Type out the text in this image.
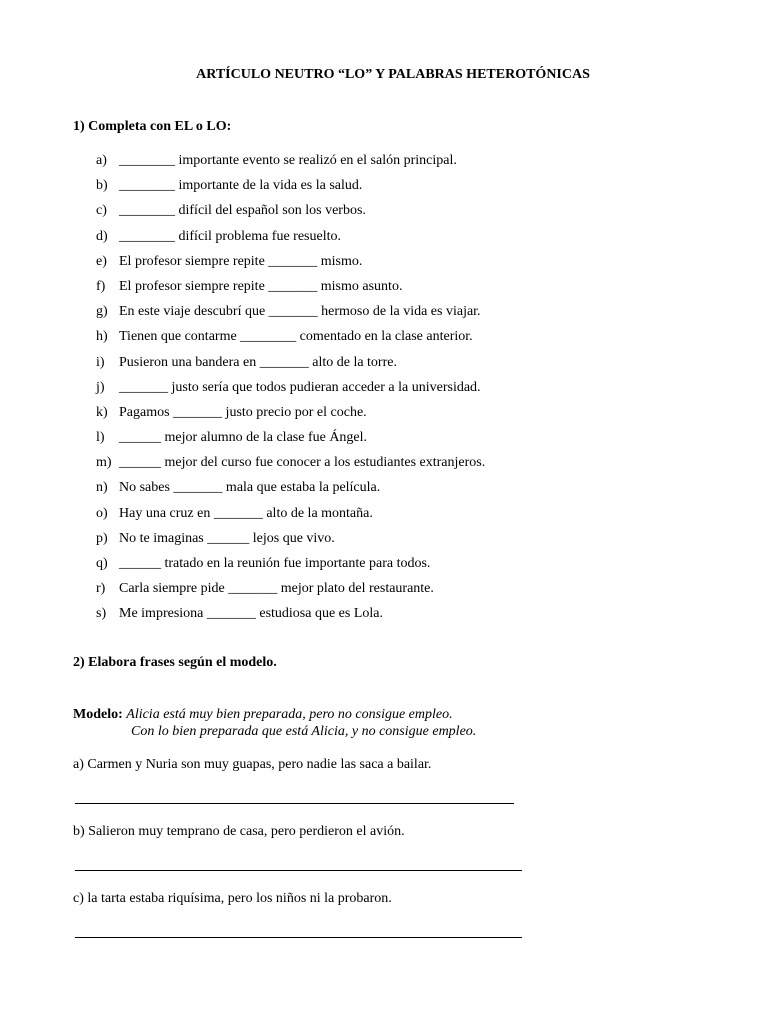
ARTÍCULO NEUTRO “LO” Y PALABRAS HETEROTÓNICAS
1) Completa con EL o LO:
a) ________ importante evento se realizó en el salón principal.
b) ________ importante de la vida es la salud.
c) ________ difícil del español son los verbos.
d) ________ difícil problema fue resuelto.
e) El profesor siempre repite _______ mismo.
f) El profesor siempre repite _______ mismo asunto.
g) En este viaje descubrí que _______ hermoso de la vida es viajar.
h) Tienen que contarme ________ comentado en la clase anterior.
i) Pusieron una bandera en _______ alto de la torre.
j) _______ justo sería que todos pudieran acceder a la universidad.
k) Pagamos _______ justo precio por el coche.
l) ______ mejor alumno de la clase fue Ángel.
m) ______ mejor del curso fue conocer a los estudiantes extranjeros.
n) No sabes _______ mala que estaba la película.
o) Hay una cruz en _______ alto de la montaña.
p) No te imaginas ______ lejos que vivo.
q) ______ tratado en la reunión fue importante para todos.
r) Carla siempre pide _______ mejor plato del restaurante.
s) Me impresiona _______ estudiosa que es Lola.
2) Elabora frases según el modelo.
Modelo: Alicia está muy bien preparada, pero no consigue empleo.
Con lo bien preparada que está Alicia, y no consigue empleo.
a) Carmen y Nuria son muy guapas, pero nadie las saca a bailar.
b) Salieron muy temprano de casa, pero perdieron el avión.
c) la tarta estaba riquísima, pero los niños ni la probaron.
